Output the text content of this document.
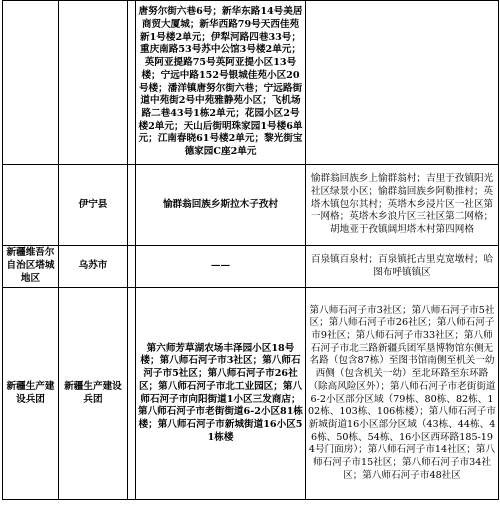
			唐努尔街六巷6号；新华东路14号美居商贸大厦城；新华西路79号天西佳苑新1号楼2单元；伊犁河路四巷33号；重庆南路53号苏中公馆3号楼2单元；英阿亚提路75号英阿亚提小区13号楼；宁远中路152号银城佳苑小区20号楼；潘洋镇唐努尔街六巷；宁远路街道中苑街2号中苑雅静苑小区；飞机场路二巷43号1栋2单元；花园小区2号楼2单元；天山后街明珠家园1号楼6单元；江南春晓61号楼2单元；黎光街宝德家园C座2单元	
	伊宁县		愉群翁回族乡斯拉木子孜村	愉群翁回族乡上愉群翁村；吉里于孜镇阳光社区绿景小区；愉群翁回族乡阿勒推村；英塔木镇包尔其村；英塔木乡浸片区一社区第一网格；英塔木乡浪片区三社区第二网格；胡地亚于孜镇阔坦塔木村第四网格
新疆维吾尔自治区塔城地区	乌苏市		——	百泉镇百泉村；百泉镇托古里克宽墩村；哈图布呼镇镇区
新疆生产建设兵团	新疆生产建设兵团		第六师芳草湖农场丰泽园小区18号楼；第八师石河子市3社区；第八师石河子市5社区；第八师石河子市26社区；第八师石河子市北工业园区；第八师石河子市向阳街道1小区三发商店；第八师石河子市老街街道6-2小区81栋楼；第八师石河子市新城街道16小区51栋楼	第八师石河子市3社区；第八师石河子市5社区；第八师石河子市26社区；第八师石河子市9社区；第八师石河子市33社区；第八师石河子市北三路新疆兵团军垦博物馆东侧无名路（包含87栋）至图书馆南侧至机关一幼西侧（包含机关一幼）至北环路至东环路（除高风险区外）；第八师石河子市老街街道6-2小区部分区域（79栋、80栋、82栋、102栋、103栋、106栋楼）；第八师石河子市新城街道16小区部分区域（43栋、44栋、46栋、50栋、54栋、16小区西环路185-194号门面房）；第八师石河子市14社区；第八师石河子市15社区；第八师石河子市34社区；第八师石河子市48社区
